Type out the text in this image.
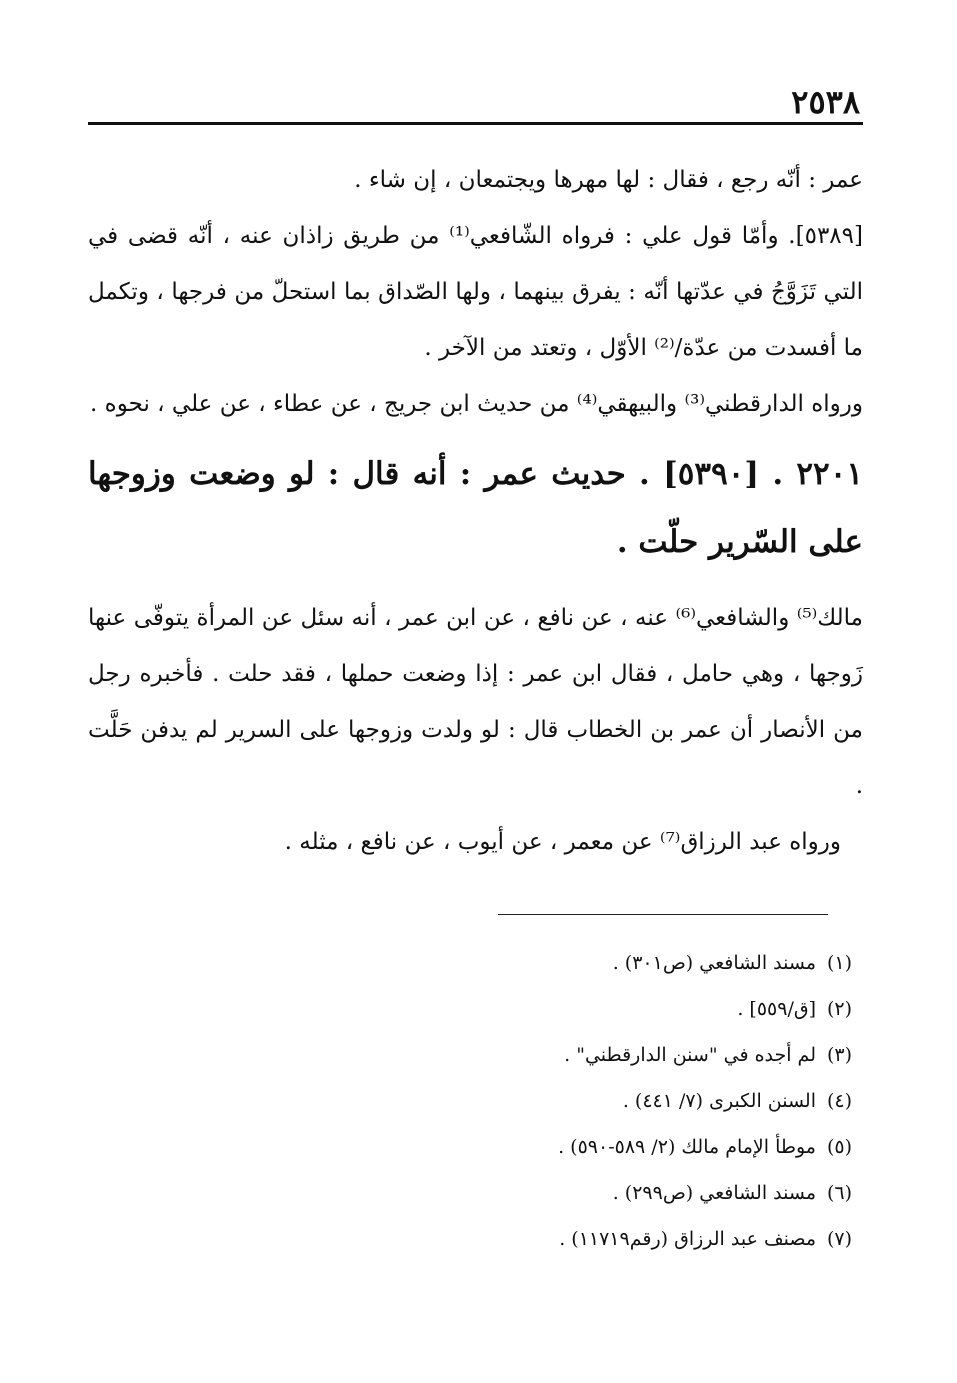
٢٥٣٨

عمر : أنّه رجع ، فقال : لها مهرها ويجتمعان ، إن شاء .

[٥٣٨٩]. وأمّا قول علي : فرواه الشّافعي⁽¹⁾ من طريق زاذان عنه ، أنّه قضى في التي تَزَوَّجُ في عدّتها أنّه : يفرق بينهما ، ولها الصّداق بما استحلّ من فرجها ، وتكمل ما أفسدت من عدّة/⁽²⁾ الأوّل ، وتعتد من الآخر .

ورواه الدارقطني⁽³⁾ والبيهقي⁽⁴⁾ من حديث ابن جريج ، عن عطاء ، عن علي ، نحوه .

٢٢٠١ . [٥٣٩٠] . حديث عمر : أنه قال : لو وضعت وزوجها على السّرير حلّت .

مالك⁽⁵⁾ والشافعي⁽⁶⁾ عنه ، عن نافع ، عن ابن عمر ، أنه سئل عن المرأة يتوفّى عنها زَوجها ، وهي حامل ، فقال ابن عمر : إذا وضعت حملها ، فقد حلت . فأخبره رجل من الأنصار أن عمر بن الخطاب قال : لو ولدت وزوجها على السرير لم يدفن حَلَّت .

ورواه عبد الرزاق⁽⁷⁾ عن معمر ، عن أيوب ، عن نافع ، مثله .

(١)
مسند الشافعي (ص٣٠١) .
(٢)
[ق/٥٥٩] .
(٣)
لم أجده في "سنن الدارقطني" .
(٤)
السنن الكبرى (٧/ ٤٤١) .
(٥)
موطأ الإمام مالك (٢/ ٥٨٩-٥٩٠) .
(٦)
مسند الشافعي (ص٢٩٩) .
(٧)
مصنف عبد الرزاق (رقم١١٧١٩) .
